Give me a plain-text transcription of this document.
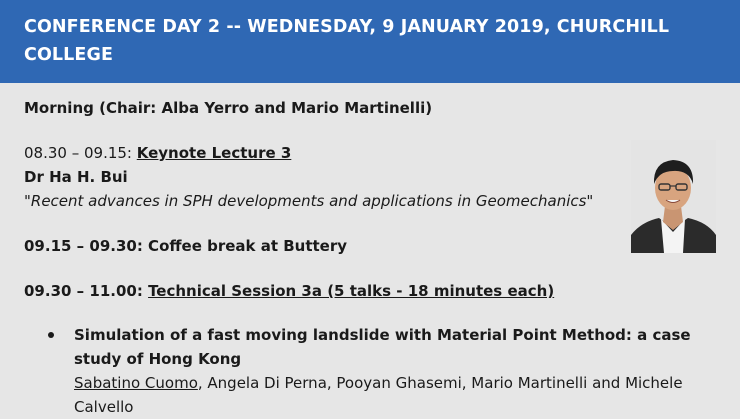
CONFERENCE DAY 2 -- WEDNESDAY, 9 JANUARY 2019, CHURCHILL
COLLEGE
Morning (Chair: Alba Yerro and Mario Martinelli)
08.30 – 09.15: Keynote Lecture 3
Dr Ha H. Bui
"Recent advances in SPH developments and applications in Geomechanics"
09.15 – 09.30: Coffee break at Buttery
09.30 – 11.00: Technical Session 3a (5 talks - 18 minutes each)
Simulation of a fast moving landslide with Material Point Method: a case
study of Hong Kong
Sabatino Cuomo, Angela Di Perna, Pooyan Ghasemi, Mario Martinelli and Michele
Calvello
